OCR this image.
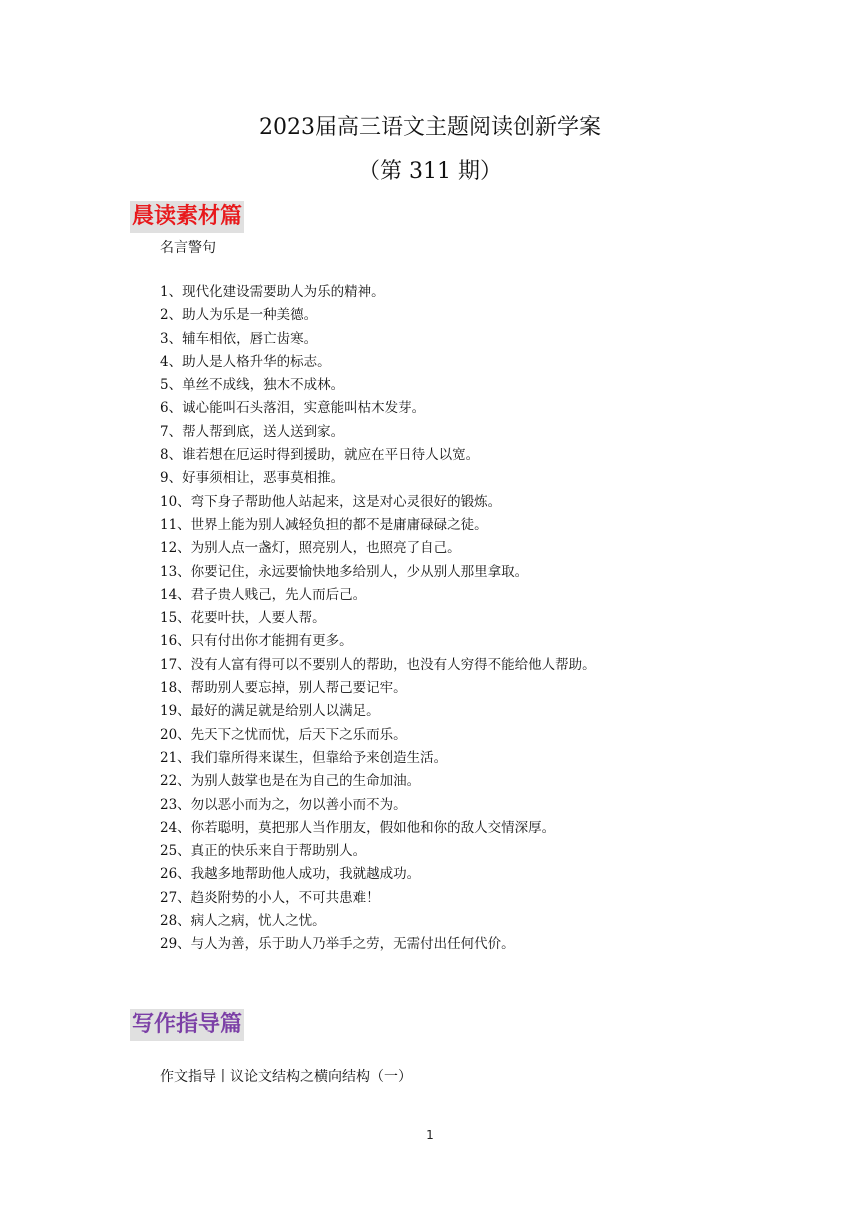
2023届高三语文主题阅读创新学案
（第 311 期）
晨读素材篇
名言警句
1、现代化建设需要助人为乐的精神。
2、助人为乐是一种美德。
3、辅车相依，唇亡齿寒。
4、助人是人格升华的标志。
5、单丝不成线，独木不成林。
6、诚心能叫石头落泪，实意能叫枯木发芽。
7、帮人帮到底，送人送到家。
8、谁若想在厄运时得到援助，就应在平日待人以宽。
9、好事须相让，恶事莫相推。
10、弯下身子帮助他人站起来，这是对心灵很好的锻炼。
11、世界上能为别人减轻负担的都不是庸庸碌碌之徒。
12、为别人点一盏灯，照亮别人，也照亮了自己。
13、你要记住，永远要愉快地多给别人，少从别人那里拿取。
14、君子贵人贱己，先人而后己。
15、花要叶扶，人要人帮。
16、只有付出你才能拥有更多。
17、没有人富有得可以不要别人的帮助，也没有人穷得不能给他人帮助。
18、帮助别人要忘掉，别人帮己要记牢。
19、最好的满足就是给别人以满足。
20、先天下之忧而忧，后天下之乐而乐。
21、我们靠所得来谋生，但靠给予来创造生活。
22、为别人鼓掌也是在为自己的生命加油。
23、勿以恶小而为之，勿以善小而不为。
24、你若聪明，莫把那人当作朋友，假如他和你的敌人交情深厚。
25、真正的快乐来自于帮助别人。
26、我越多地帮助他人成功，我就越成功。
27、趋炎附势的小人，不可共患难！
28、病人之病，忧人之忧。
29、与人为善，乐于助人乃举手之劳，无需付出任何代价。
写作指导篇
作文指导丨议论文结构之横向结构（一）
1
